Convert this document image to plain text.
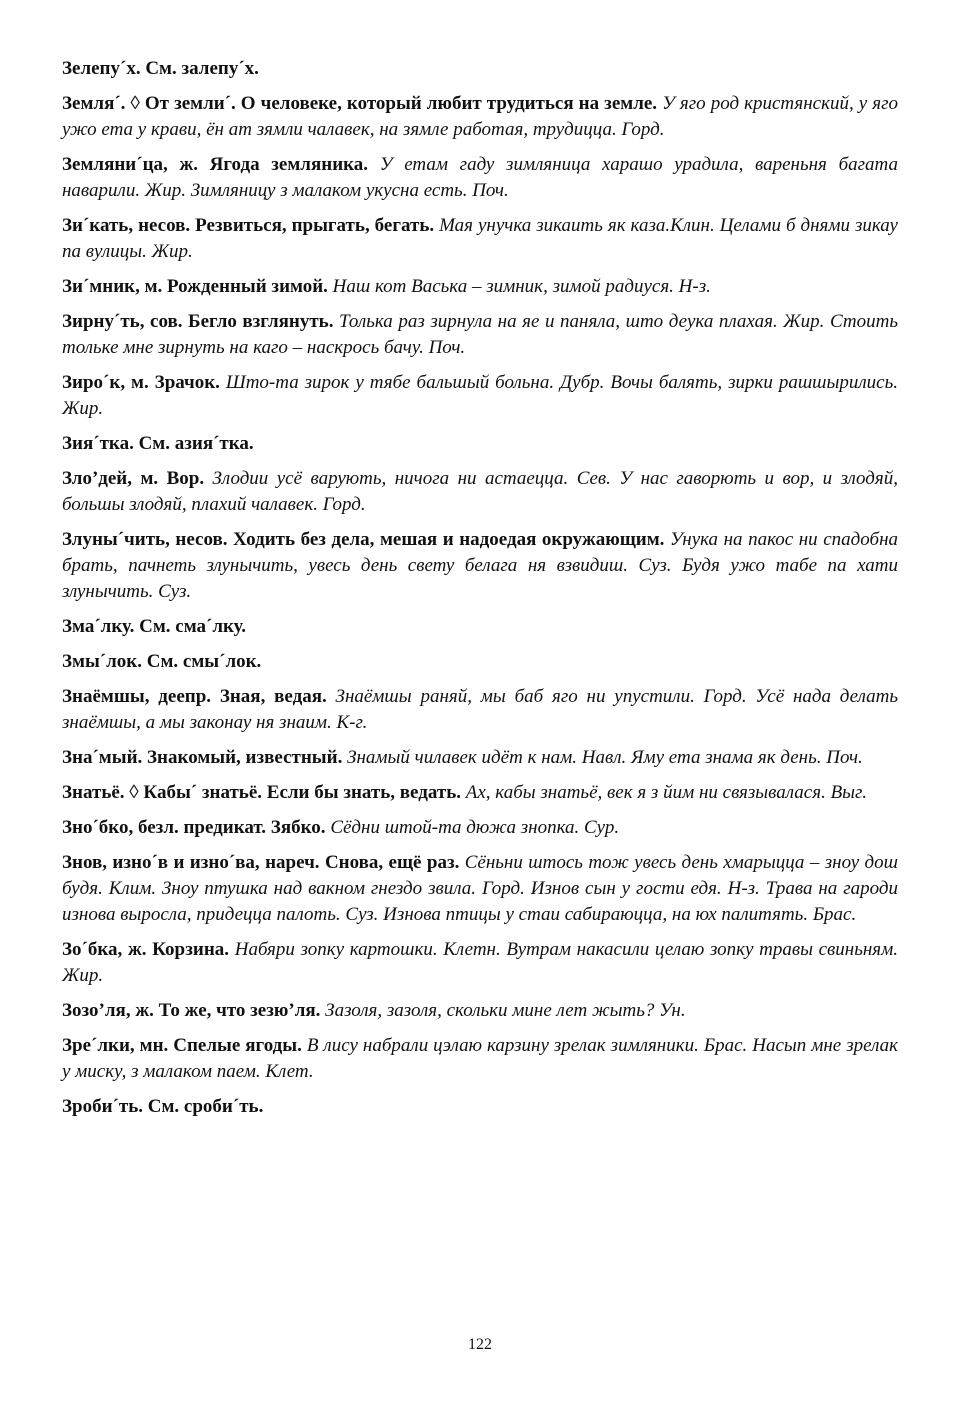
Зелепу´х. См. залепу´х.

Земля´. ◊ От земли´. О человеке, который любит трудиться на земле. У яго род кристянский, у яго ужо ета у крави, ён ат зямли чалавек, на зямле работая, трудицца. Горд.

Земляни´ца, ж. Ягода земляника. У етам гаду зимляница харашо урадила, вареньня багата наварили. Жир. Зимляницу з малаком укусна есть. Поч.

Зи´кать, несов. Резвиться, прыгать, бегать. Мая унучка зикаить як каза.Клин. Целами б днями зикау па вулицы. Жир.

Зи´мник, м. Рожденный зимой. Наш кот Васька – зимник, зимой радиуся. Н-з.

Зирну´ть, сов. Бегло взглянуть. Толька раз зирнула на яе и паняла, што деука плахая. Жир. Стоить тольке мне зирнуть на каго – наскрось бачу. Поч.

Зиро´к, м. Зрачок. Што-та зирок у тябе бальшый больна. Дубр. Вочы балять, зирки рашшырились. Жир.

Зия´тка. См. азия´тка.

Зло’дей, м. Вор. Злодии усё варують, ничога ни астаецца. Сев. У нас гаворють и вор, и злодяй, большы злодяй, плахий чалавек. Горд.

Злуны´чить, несов. Ходить без дела, мешая и надоедая окружающим. Унука на пакос ни спадобна брать, пачнеть злунычить, увесь день свету белага ня взвидиш. Суз. Будя ужо табе па хати злунычить. Суз.

Зма´лку. См. сма´лку.

Змы´лок. См. смы´лок.

Знаёмшы, деепр. Зная, ведая. Знаёмшы раняй, мы баб яго ни упустили. Горд. Усё нада делать знаёмшы, а мы законау ня знаим. К-г.

Зна´мый. Знакомый, известный. Знамый чилавек идёт к нам. Навл. Яму ета знама як день. Поч.

Знатьё. ◊ Кабы´ знатьё. Если бы знать, ведать. Ах, кабы знатьё, век я з йим ни связывалася. Выг.

Зно´бко, безл. предикат. Зябко. Сёдни штой-та дюжа знопка. Сур.

Знов, изно´в и изно´ва, нареч. Снова, ещё раз. Сёньни штось тож увесь день хмарыцца – зноу дош будя. Клим. Зноу птушка над вакном гнездо звила. Горд. Изнов сын у гости едя. Н-з. Трава на гароди изнова выросла, придецца палоть. Суз. Изнова птицы у стаи сабираюцца, на юх палитять. Брас.

Зо´бка, ж. Корзина. Набяри зопку картошки. Клетн. Вутрам накасили целаю зопку травы свиньням. Жир.

Зозо’ля, ж. То же, что зезю’ля. Зазоля, зазоля, скольки мине лет жыть? Ун.

Зре´лки, мн. Спелые ягоды. В лису набрали цэлаю карзину зрелак зимляники. Брас. Насып мне зрелак у миску, з малаком паем. Клет.

Зроби´ть. См. сроби´ть.

122
